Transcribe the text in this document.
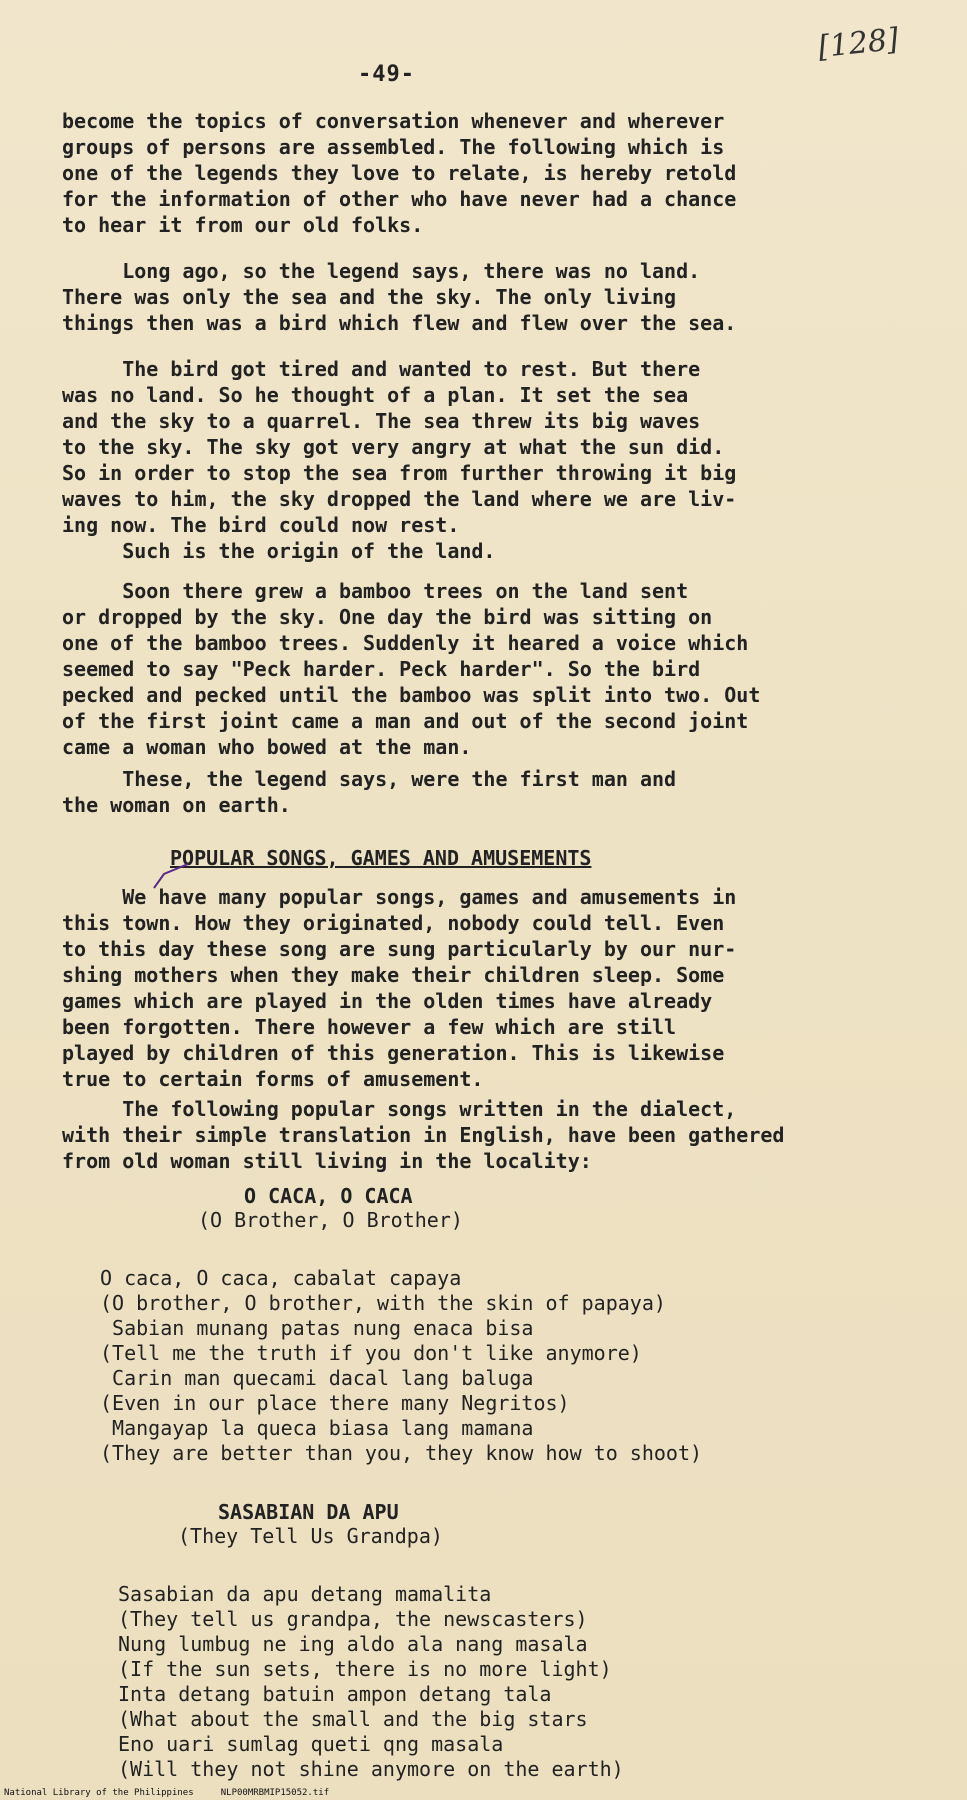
[128]
-49-
become the topics of conversation whenever and wherever
groups of persons are assembled. The following which is
one of the legends they love to relate, is hereby retold
for the information of other who have never had a chance
to hear it from our old folks.
Long ago, so the legend says, there was no land.
There was only the sea and the sky. The only living
things then was a bird which flew and flew over the sea.
The bird got tired and wanted to rest. But there
was no land. So he thought of a plan. It set the sea
and the sky to a quarrel. The sea threw its big waves
to the sky. The sky got very angry at what the sun did.
So in order to stop the sea from further throwing it big
waves to him, the sky dropped the land where we are liv-
ing now. The bird could now rest.
Such is the origin of the land.
Soon there grew a bamboo trees on the land sent
or dropped by the sky. One day the bird was sitting on
one of the bamboo trees. Suddenly it heared a voice which
seemed to say "Peck harder. Peck harder". So the bird
pecked and pecked until the bamboo was split into two. Out
of the first joint came a man and out of the second joint
came a woman who bowed at the man.
These, the legend says, were the first man and
the woman on earth.
POPULAR SONGS, GAMES AND AMUSEMENTS
We have many popular songs, games and amusements in
this town. How they originated, nobody could tell. Even
to this day these song are sung particularly by our nur-
shing mothers when they make their children sleep. Some
games which are played in the olden times have already
been forgotten. There however a few which are still
played by children of this generation. This is likewise
true to certain forms of amusement.
The following popular songs written in the dialect,
with their simple translation in English, have been gathered
from old woman still living in the locality:
O CACA, O CACA
(O Brother, O Brother)
O caca, O caca, cabalat capaya
(O brother, O brother, with the skin of papaya)
Sabian munang patas nung enaca bisa
(Tell me the truth if you don't like anymore)
Carin man quecami dacal lang baluga
(Even in our place there many Negritos)
Mangayap la queca biasa lang mamana
(They are better than you, they know how to shoot)
SASABIAN DA APU
(They Tell Us Grandpa)
Sasabian da apu detang mamalita
(They tell us grandpa, the newscasters)
Nung lumbug ne ing aldo ala nang masala
(If the sun sets, there is no more light)
Inta detang batuin ampon detang tala
(What about the small and the big stars
Eno uari sumlag queti qng masala
(Will they not shine anymore on the earth)
National Library of the Philippines     NLP00MRBMIP15052.tif
